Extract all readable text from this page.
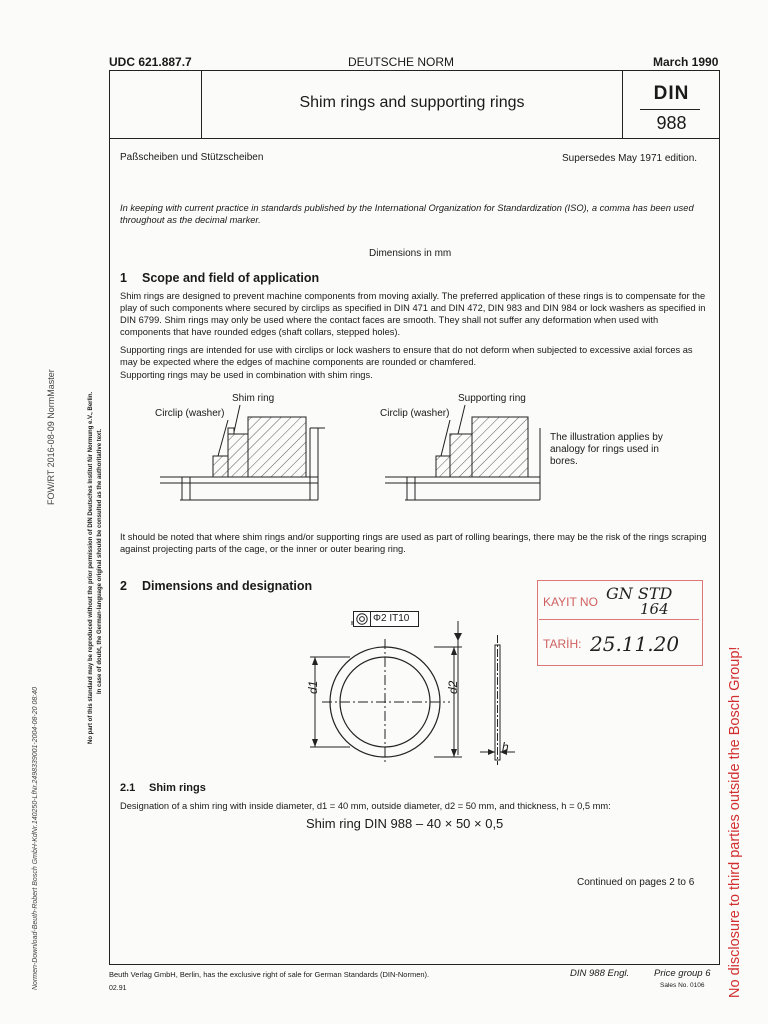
UDC 621.887.7	DEUTSCHE NORM	March 1990
Shim rings and supporting rings	DIN
988
Paßscheiben und Stützscheiben	Supersedes May 1971 edition.
In keeping with current practice in standards published by the International Organization for Standardization (ISO), a comma has been used throughout as the decimal marker.
Dimensions in mm
1 Scope and field of application
Shim rings are designed to prevent machine components from moving axially. The preferred application of these rings is to compensate for the play of such components where secured by circlips as specified in DIN 471 and DIN 472, DIN 983 and DIN 984 or lock washers as specified in DIN 6799. Shim rings may only be used where the contact faces are smooth. They shall not suffer any deformation when used with components that have rounded edges (shaft collars, stepped holes).
Supporting rings are intended for use with circlips or lock washers to ensure that do not deform when subjected to excessive axial forces as may be expected where the edges of machine components are rounded or chamfered.
Supporting rings may be used in combination with shim rings.
Shim ring
Circlip (washer)
Supporting ring
Circlip (washer)
The illustration applies by analogy for rings used in bores.
It should be noted that where shim rings and/or supporting rings are used as part of rolling bearings, there may be the risk of the rings scraping against projecting parts of the cage, or the inner or outer bearing ring.
2 Dimensions and designation
Φ2 IT10
d1	d2
h
KAYIT NO GN STD
164
TARİH: 25.11.20
2.1 Shim rings
Designation of a shim ring with inside diameter, d1 = 40 mm, outside diameter, d2 = 50 mm, and thickness, h = 0,5 mm:
Shim ring DIN 988 – 40 × 50 × 0,5
Continued on pages 2 to 6
Beuth Verlag GmbH, Berlin, has the exclusive right of sale for German Standards (DIN-Normen).
02.91
DIN 988 Engl.	Price group 6
Sales No. 0106
Normen-Download-Beuth-Robert Bosch GmbH-KdNr.140250-LfNr.2498339001-2004-08-20 08:40
FOW/RT 2016-08-09 NormMaster	No part of this standard may be reproduced without the prior permission of DIN Deutsches Institut für Normung e.V., Berlin. In case of doubt, the German-language original should be consulted as the authoritative text.
No disclosure to third parties outside the Bosch Group!
